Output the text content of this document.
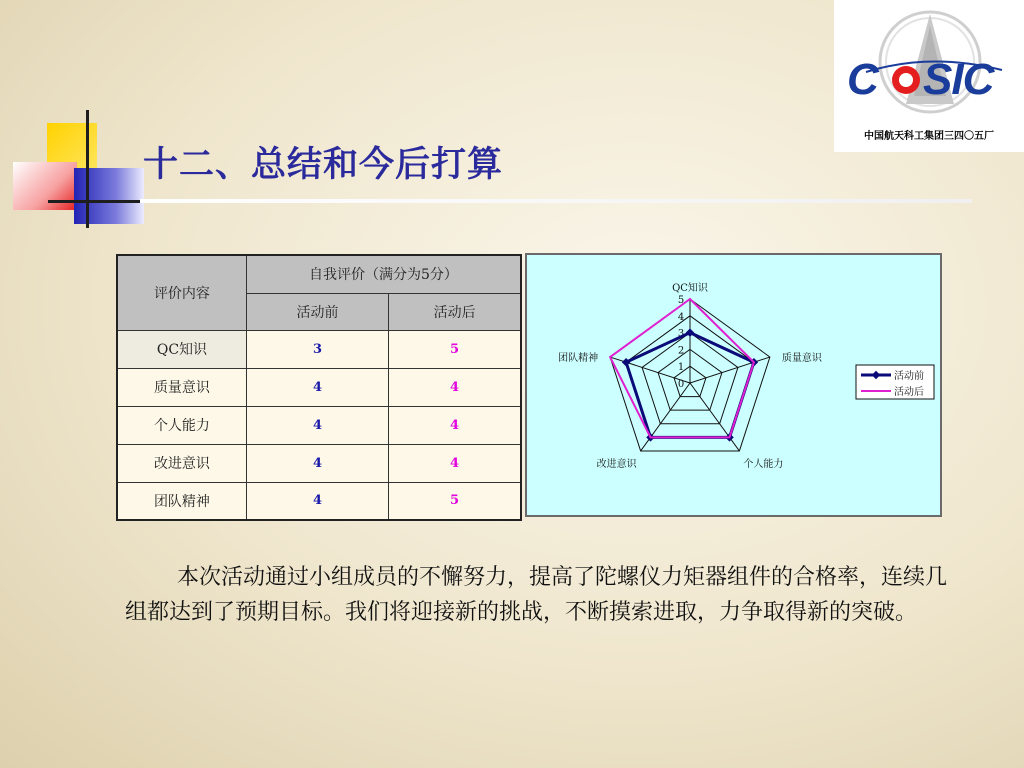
十二、总结和今后打算
C SIC
中国航天科工集团三四〇五厂
评价内容	自我评价（满分为5分）	
	活动前	活动后
QC知识	3	5
质量意识	4	4
个人能力	4	4
改进意识	4	4
团队精神	4	5
0
1
2
3
4
5
QC知识
质量意识
个人能力
改进意识
团队精神
活动前
活动后

本次活动通过小组成员的不懈努力，提高了陀螺仪力矩器组件的合格率，连续几组都达到了预期目标。我们将迎接新的挑战，不断摸索进取，力争取得新的突破。
